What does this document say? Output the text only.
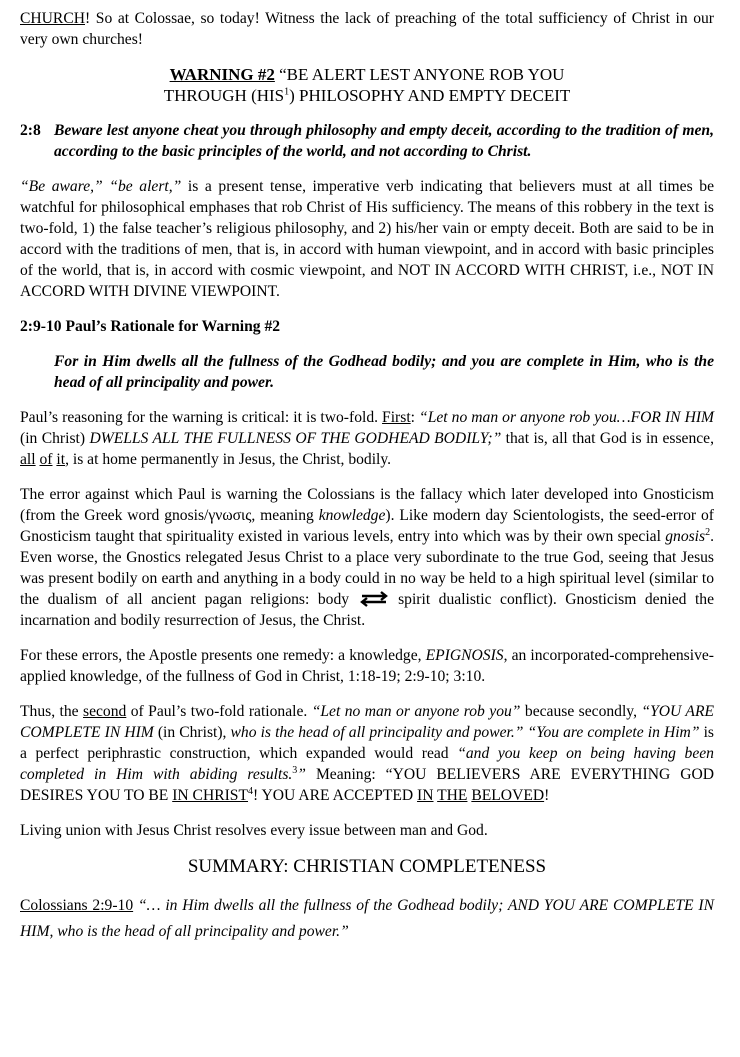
CHURCH! So at Colossae, so today! Witness the lack of preaching of the total sufficiency of Christ in our very own churches!

WARNING #2 “BE ALERT LEST ANYONE ROB YOU
THROUGH (HIS$^1$) PHILOSOPHY AND EMPTY DECEIT
2:8 Beware lest anyone cheat you through philosophy and empty deceit, according to the tradition of men, according to the basic principles of the world, and not according to Christ.

“Be aware,” “be alert,” is a present tense, imperative verb indicating that believers must at all times be watchful for philosophical emphases that rob Christ of His sufficiency. The means of this robbery in the text is two-fold, 1) the false teacher’s religious philosophy, and 2) his/her vain or empty deceit. Both are said to be in accord with the traditions of men, that is, in accord with human viewpoint, and in accord with basic principles of the world, that is, in accord with cosmic viewpoint, and NOT IN ACCORD WITH CHRIST, i.e., NOT IN ACCORD WITH DIVINE VIEWPOINT.

2:9-10 Paul’s Rationale for Warning #2

For in Him dwells all the fullness of the Godhead bodily; and you are complete in Him, who is the head of all principality and power.

Paul’s reasoning for the warning is critical: it is two-fold. First: “Let no man or anyone rob you…FOR IN HIM (in Christ) DWELLS ALL THE FULLNESS OF THE GODHEAD BODILY;” that is, all that God is in essence, all of it, is at home permanently in Jesus, the Christ, bodily.

The error against which Paul is warning the Colossians is the fallacy which later developed into Gnosticism (from the Greek word gnosis/γνωσις, meaning knowledge). Like modern day Scientologists, the seed-error of Gnosticism taught that spirituality existed in various levels, entry into which was by their own special gnosis$^2$. Even worse, the Gnostics relegated Jesus Christ to a place very subordinate to the true God, seeing that Jesus was present bodily on earth and anything in a body could in no way be held to a high spiritual level (similar to the dualism of all ancient pagan religions: body  spirit dualistic conflict). Gnosticism denied the incarnation and bodily resurrection of Jesus, the Christ.

For these errors, the Apostle presents one remedy: a knowledge, EPIGNOSIS, an incorporated-comprehensive-applied knowledge, of the fullness of God in Christ, 1:18-19; 2:9-10; 3:10.

Thus, the second of Paul’s two-fold rationale. “Let no man or anyone rob you” because secondly, “YOU ARE COMPLETE IN HIM (in Christ), who is the head of all principality and power.” “You are complete in Him” is a perfect periphrastic construction, which expanded would read “and you keep on being having been completed in Him with abiding results.$^3$” Meaning: “YOU BELIEVERS ARE EVERYTHING GOD DESIRES YOU TO BE IN CHRIST$^4$! YOU ARE ACCEPTED IN THE BELOVED!

Living union with Jesus Christ resolves every issue between man and God.

SUMMARY: CHRISTIAN COMPLETENESS

Colossians 2:9-10 “… in Him dwells all the fullness of the Godhead bodily; AND YOU ARE COMPLETE IN HIM, who is the head of all principality and power.”
